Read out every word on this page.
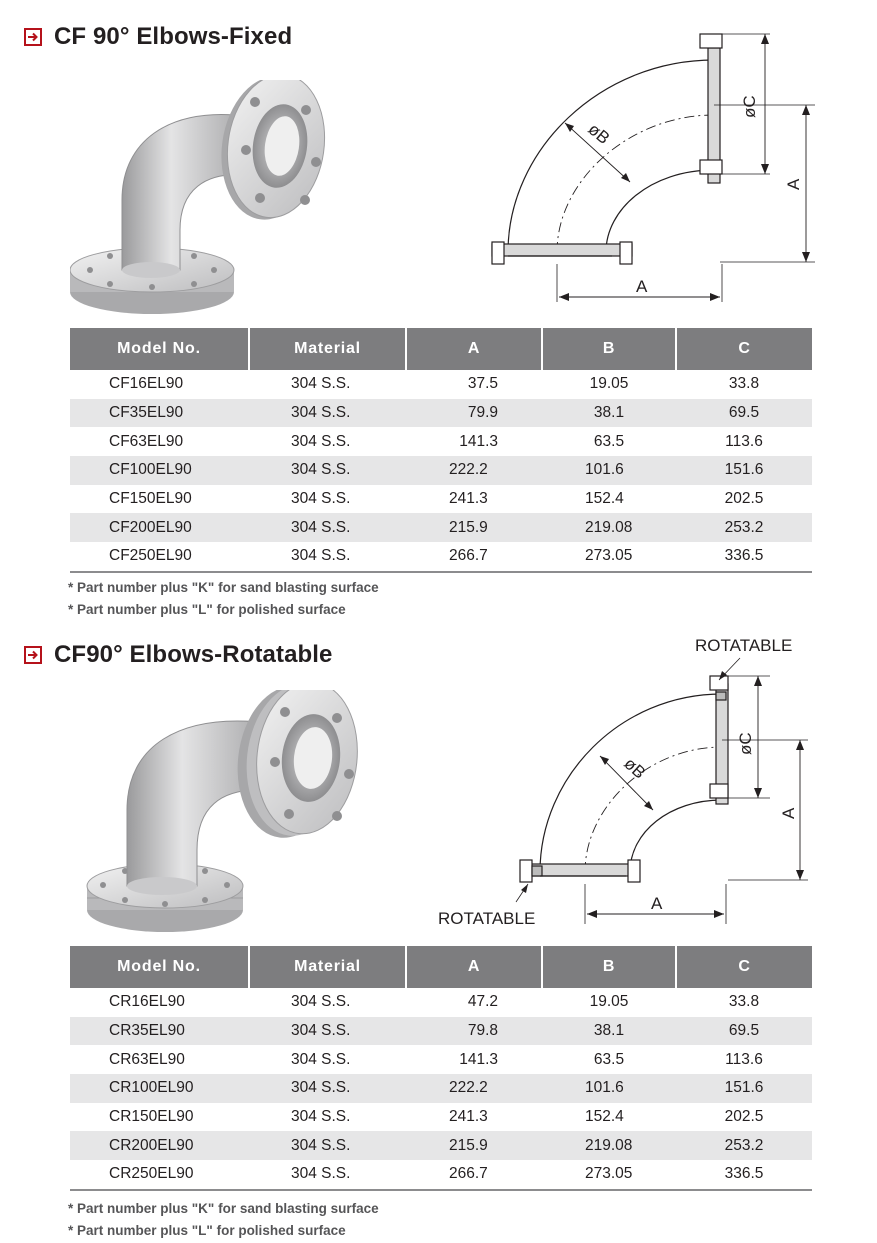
CF 90° Elbows-Fixed
øC
A
A
øB
Model No.	Material	A	B	C
CF16EL90	304 S.S.	37.5	19.05	33.8
CF35EL90	304 S.S.	79.9	38.1	69.5
CF63EL90	304 S.S.	141.3	63.5	113.6
CF100EL90	304 S.S.	222.2	101.6	151.6
CF150EL90	304 S.S.	241.3	152.4	202.5
CF200EL90	304 S.S.	215.9	219.08	253.2
CF250EL90	304 S.S.	266.7	273.05	336.5
* Part number plus "K" for sand blasting surface
* Part number plus "L" for polished surface
CF90° Elbows-Rotatable
øC
A
A
øB
ROTATABLE
ROTATABLE
Model No.	Material	A	B	C
CR16EL90	304 S.S.	47.2	19.05	33.8
CR35EL90	304 S.S.	79.8	38.1	69.5
CR63EL90	304 S.S.	141.3	63.5	113.6
CR100EL90	304 S.S.	222.2	101.6	151.6
CR150EL90	304 S.S.	241.3	152.4	202.5
CR200EL90	304 S.S.	215.9	219.08	253.2
CR250EL90	304 S.S.	266.7	273.05	336.5
* Part number plus "K" for sand blasting surface
* Part number plus "L" for polished surface
